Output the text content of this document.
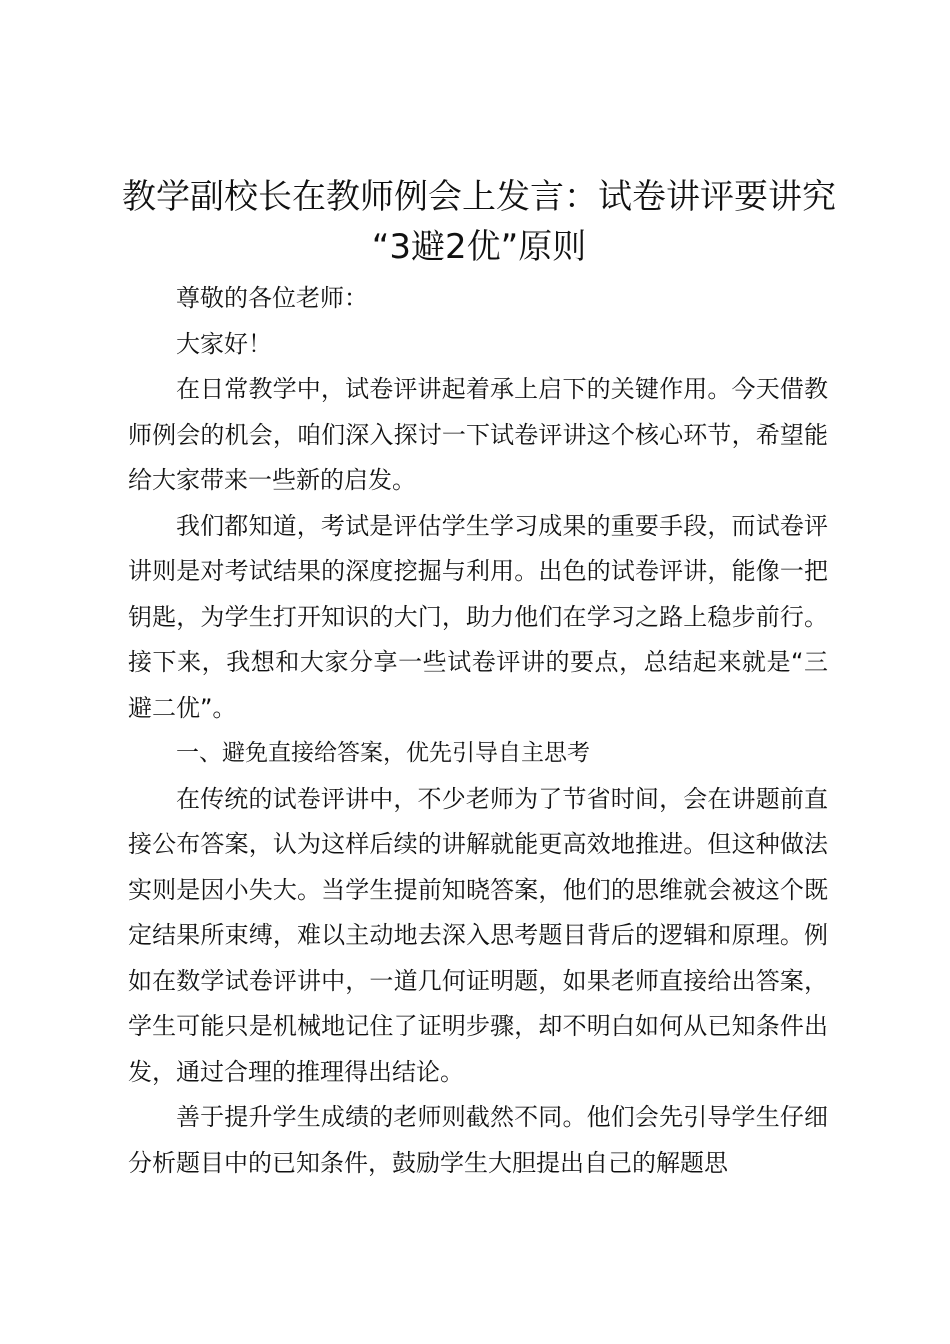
教学副校长在教师例会上发言：试卷讲评要讲究 “3避2优”原则

尊敬的各位老师：

大家好！

在日常教学中，试卷评讲起着承上启下的关键作用。今天借教师例会的机会，咱们深入探讨一下试卷评讲这个核心环节，希望能给大家带来一些新的启发。

我们都知道，考试是评估学生学习成果的重要手段，而试卷评讲则是对考试结果的深度挖掘与利用。出色的试卷评讲，能像一把钥匙，为学生打开知识的大门，助力他们在学习之路上稳步前行。接下来，我想和大家分享一些试卷评讲的要点，总结起来就是“三避二优”。

一、避免直接给答案，优先引导自主思考

在传统的试卷评讲中，不少老师为了节省时间，会在讲题前直接公布答案，认为这样后续的讲解就能更高效地推进。但这种做法实则是因小失大。当学生提前知晓答案，他们的思维就会被这个既定结果所束缚，难以主动地去深入思考题目背后的逻辑和原理。例如在数学试卷评讲中，一道几何证明题，如果老师直接给出答案，学生可能只是机械地记住了证明步骤，却不明白如何从已知条件出发，通过合理的推理得出结论。

善于提升学生成绩的老师则截然不同。他们会先引导学生仔细分析题目中的已知条件，鼓励学生大胆提出自己的解题思
